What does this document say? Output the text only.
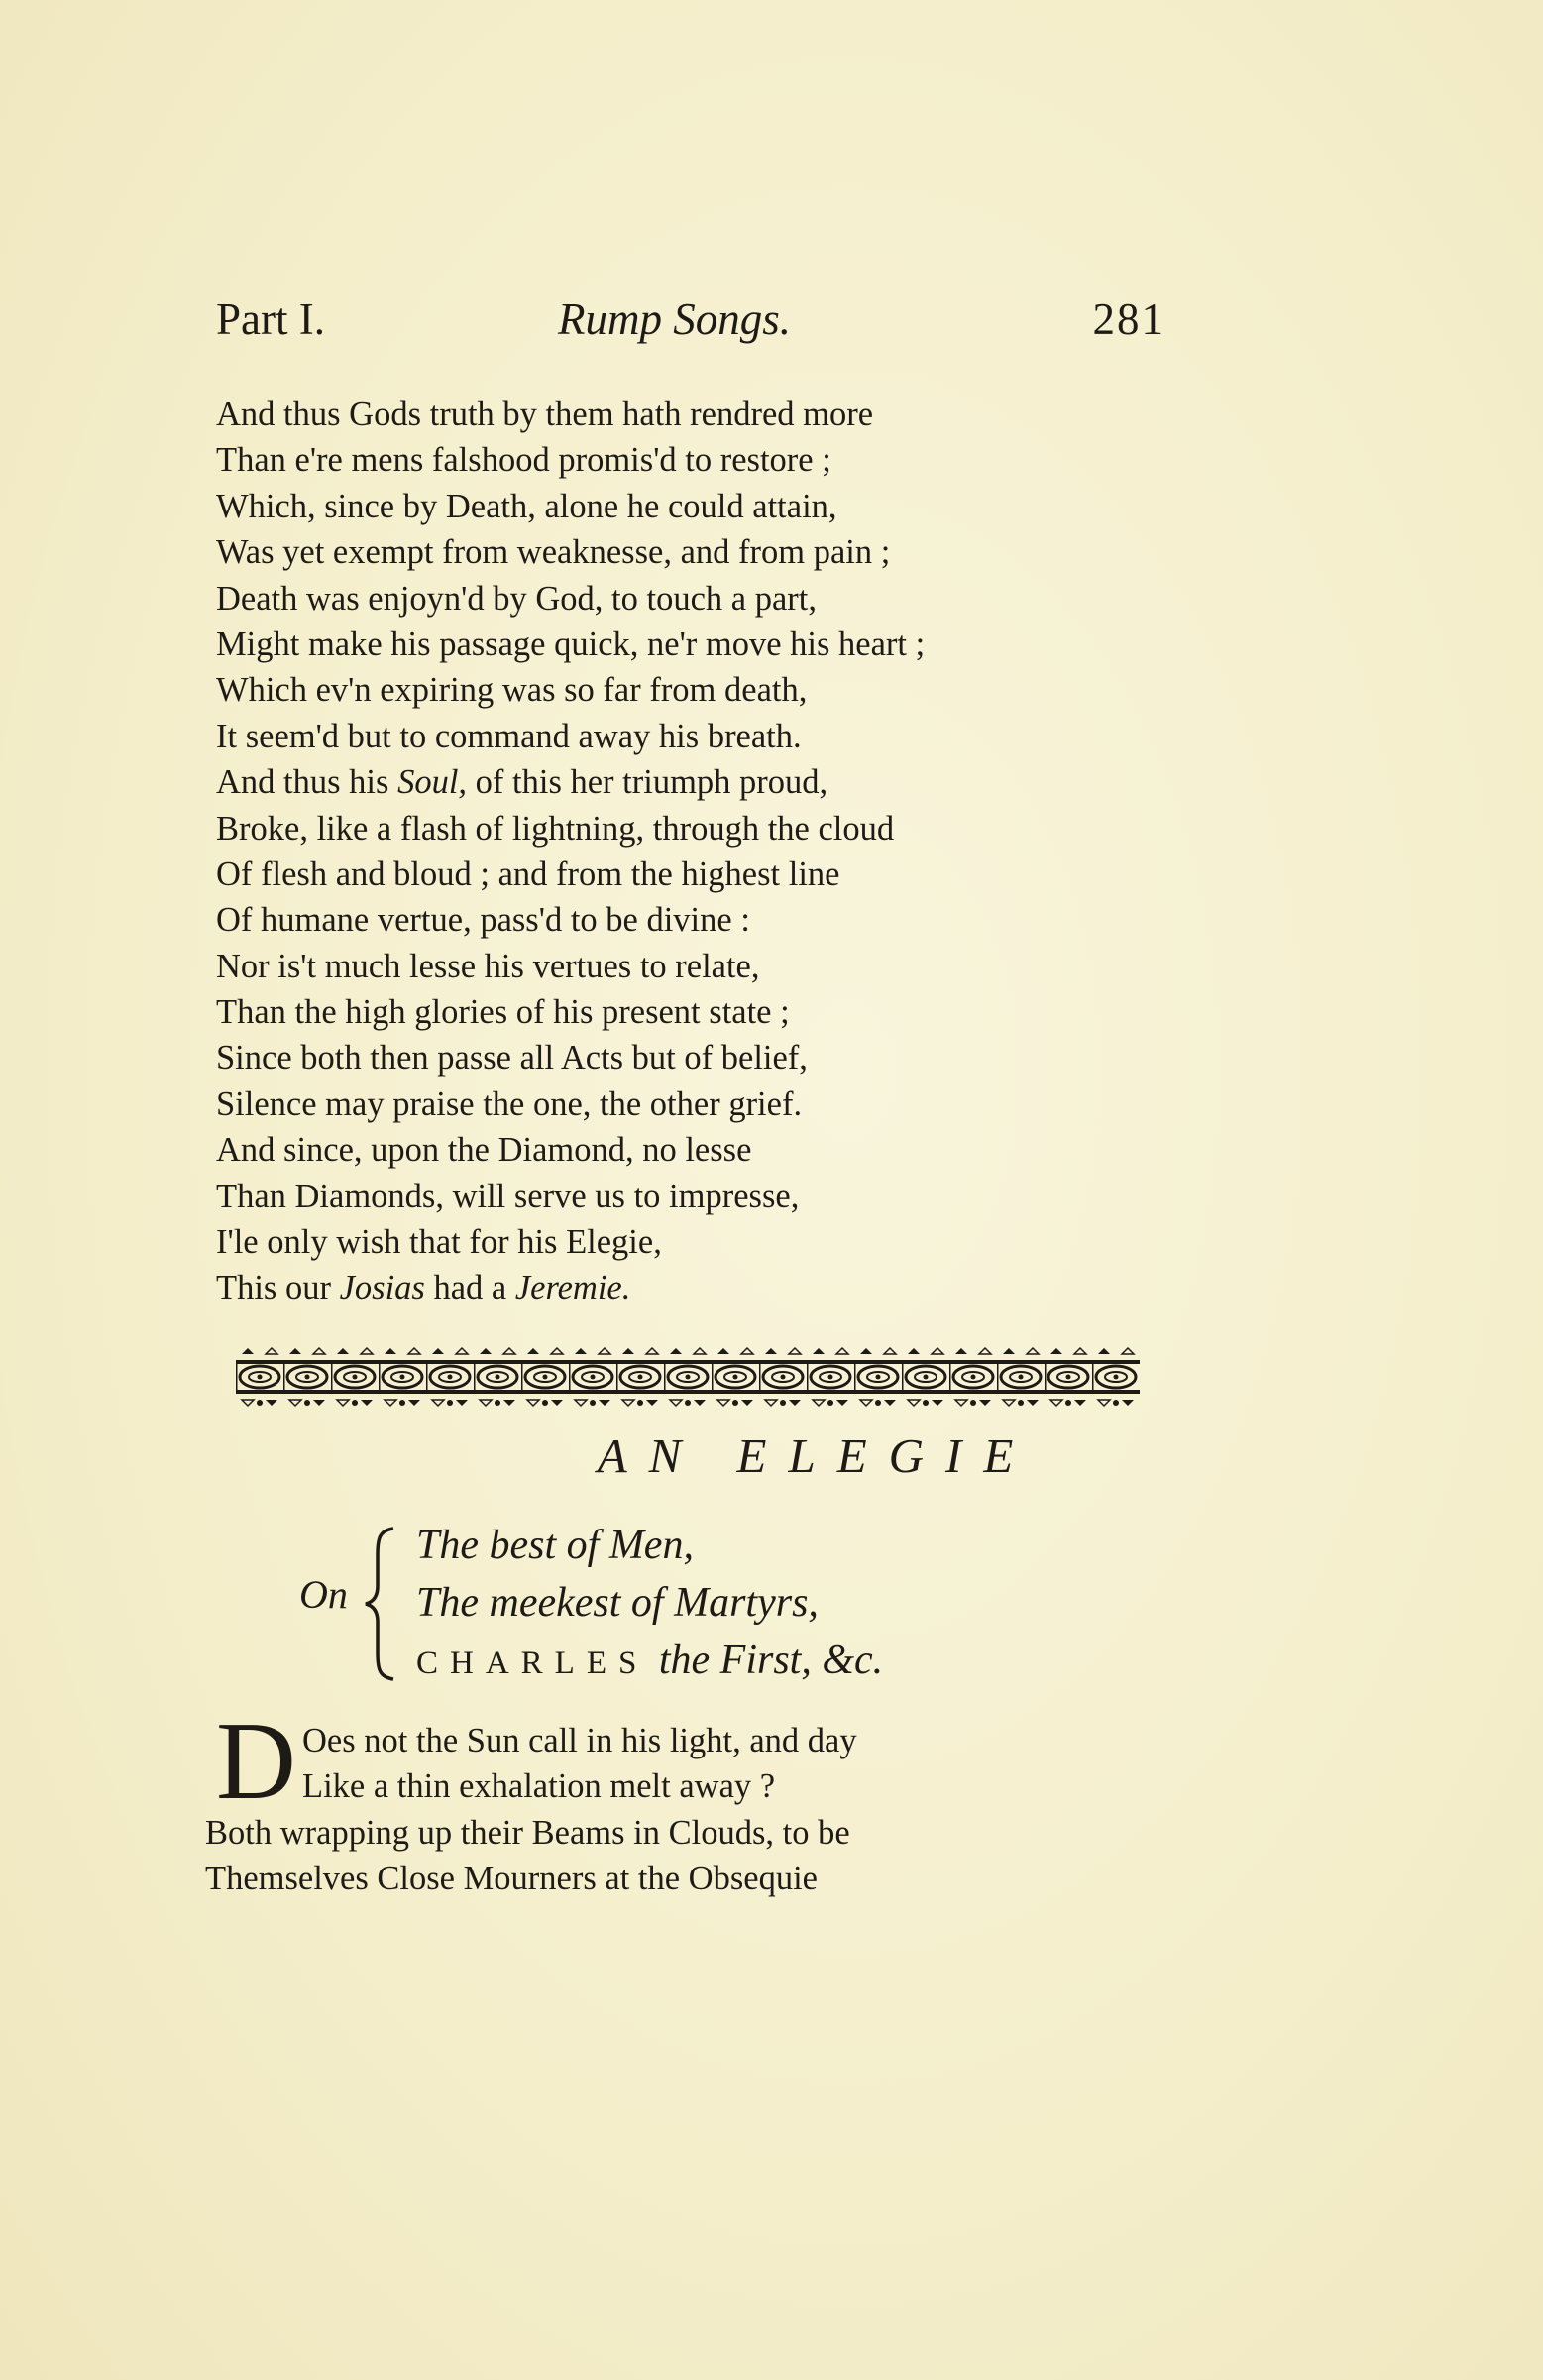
Part I.	Rump Songs.	281
And thus Gods truth by them hath rendred more
Than e're mens falshood promis'd to restore ;
Which, since by Death, alone he could attain,
Was yet exempt from weaknesse, and from pain ;
Death was enjoyn'd by God, to touch a part,
Might make his passage quick, ne'r move his heart ;
Which ev'n expiring was so far from death,
It seem'd but to command away his breath.
And thus his Soul, of this her triumph proud,
Broke, like a flash of lightning, through the cloud
Of flesh and bloud ; and from the highest line
Of humane vertue, pass'd to be divine :
Nor is't much lesse his vertues to relate,
Than the high glories of his present state ;
Since both then passe all Acts but of belief,
Silence may praise the one, the other grief.
And since, upon the Diamond, no lesse
Than Diamonds, will serve us to impresse,
I'le only wish that for his Elegie,
This our Josias had a Jeremie.
AN ELEGIE
On
The best of Men,
The meekest of Martyrs,
CHARLES the First, &c.
D Oes not the Sun call in his light, and day
Like a thin exhalation melt away ?
Both wrapping up their Beams in Clouds, to be
Themselves Close Mourners at the Obsequie
